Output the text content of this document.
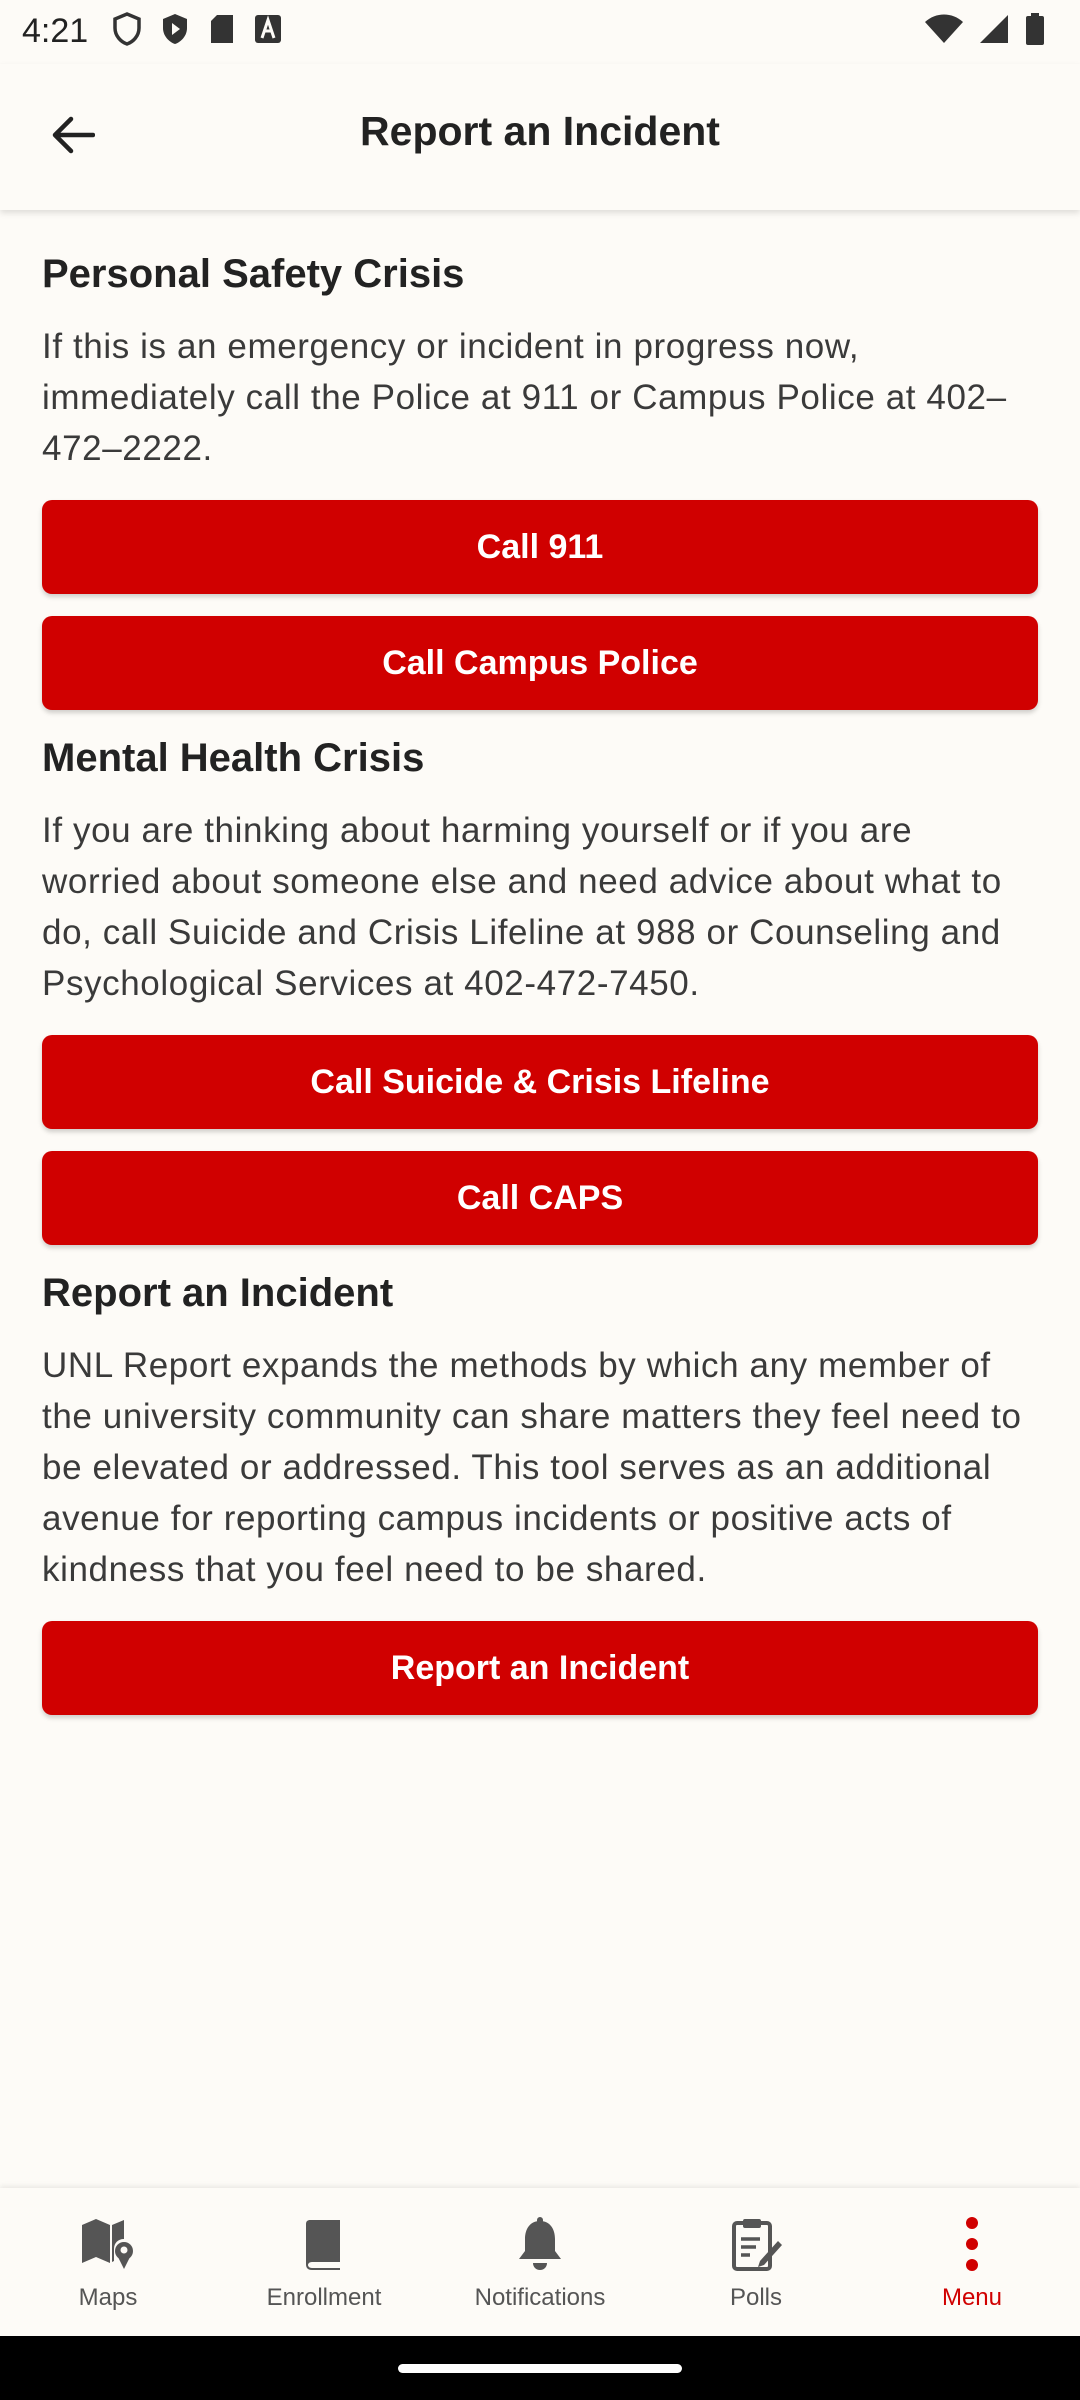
4:21
Report an Incident
Personal Safety Crisis
If this is an emergency or incident in progress now, immediately call the Police at 911 or Campus Police at 402–472–2222.
Call 911
Call Campus Police
Mental Health Crisis
If you are thinking about harming yourself or if you are worried about someone else and need advice about what to do, call Suicide and Crisis Lifeline at 988 or Counseling and Psychological Services at 402-472-7450.
Call Suicide & Crisis Lifeline
Call CAPS
Report an Incident
UNL Report expands the methods by which any member of the university community can share matters they feel need to be elevated or addressed. This tool serves as an additional avenue for reporting campus incidents or positive acts of kindness that you feel need to be shared.
Report an Incident
Maps	Enrollment	Notifications	Polls	Menu
